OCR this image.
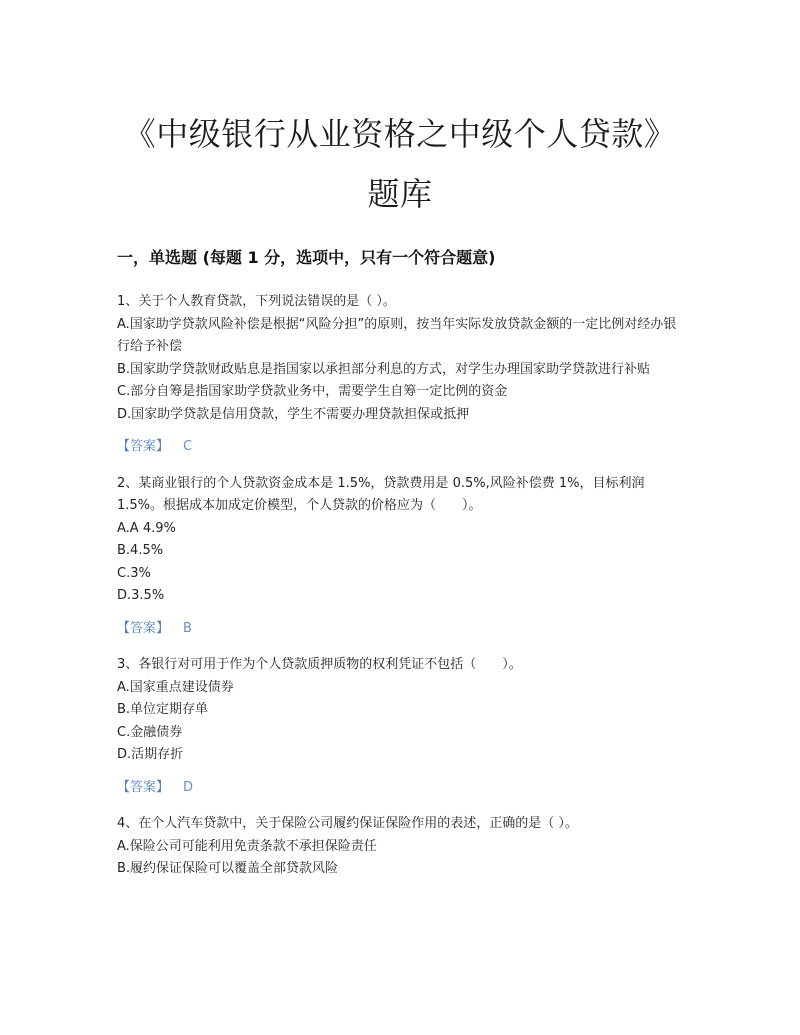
《中级银行从业资格之中级个人贷款》题库
一，单选题 (每题 1 分，选项中，只有一个符合题意)
1、关于个人教育贷款，下列说法错误的是（ ）。
A.国家助学贷款风险补偿是根据“风险分担”的原则，按当年实际发放贷款金额的一定比例对经办银行给予补偿
B.国家助学贷款财政贴息是指国家以承担部分利息的方式，对学生办理国家助学贷款进行补贴
C.部分自筹是指国家助学贷款业务中，需要学生自筹一定比例的资金
D.国家助学贷款是信用贷款，学生不需要办理贷款担保或抵押
【答案】 C
2、某商业银行的个人贷款资金成本是 1.5%，贷款费用是 0.5%,风险补偿费 1%，目标利润 1.5%。根据成本加成定价模型，个人贷款的价格应为（　　）。
A.A 4.9%
B.4.5%
C.3%
D.3.5%
【答案】 B
3、各银行对可用于作为个人贷款质押质物的权利凭证不包括（　　）。
A.国家重点建设债券
B.单位定期存单
C.金融债券
D.活期存折
【答案】 D
4、在个人汽车贷款中，关于保险公司履约保证保险作用的表述，正确的是（ ）。
A.保险公司可能利用免责条款不承担保险责任
B.履约保证保险可以覆盖全部贷款风险
